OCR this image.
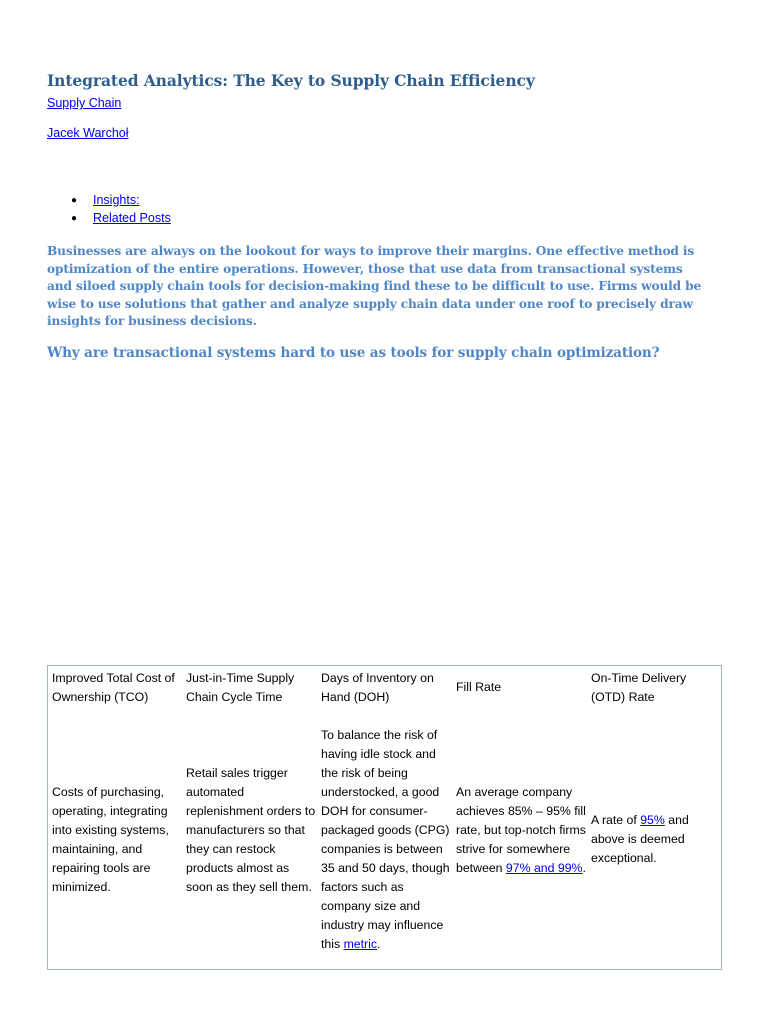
Integrated Analytics: The Key to Supply Chain Efficiency
Supply Chain
Jacek Warchoł
● Insights:
● Related Posts

Businesses are always on the lookout for ways to improve their margins. One effective method is optimization of the entire operations. However, those that use data from transactional systems and siloed supply chain tools for decision-making find these to be difficult to use. Firms would be wise to use solutions that gather and analyze supply chain data under one roof to precisely draw insights for business decisions.

Why are transactional systems hard to use as tools for supply chain optimization?
Improved Total Cost of Ownership (TCO)
Costs of purchasing, operating, integrating into existing systems, maintaining, and repairing tools are minimized.
Just-in-Time Supply Chain Cycle Time
Retail sales trigger automated replenishment orders to manufacturers so that they can restock products almost as soon as they sell them.
Days of Inventory on Hand (DOH)
To balance the risk of having idle stock and the risk of being understocked, a good DOH for consumer-packaged goods (CPG) companies is between 35 and 50 days, though factors such as company size and industry may influence this metric.
Fill Rate
An average company achieves 85% – 95% fill rate, but top-notch firms strive for somewhere between 97% and 99%.
On-Time Delivery (OTD) Rate
A rate of 95% and above is deemed exceptional.
